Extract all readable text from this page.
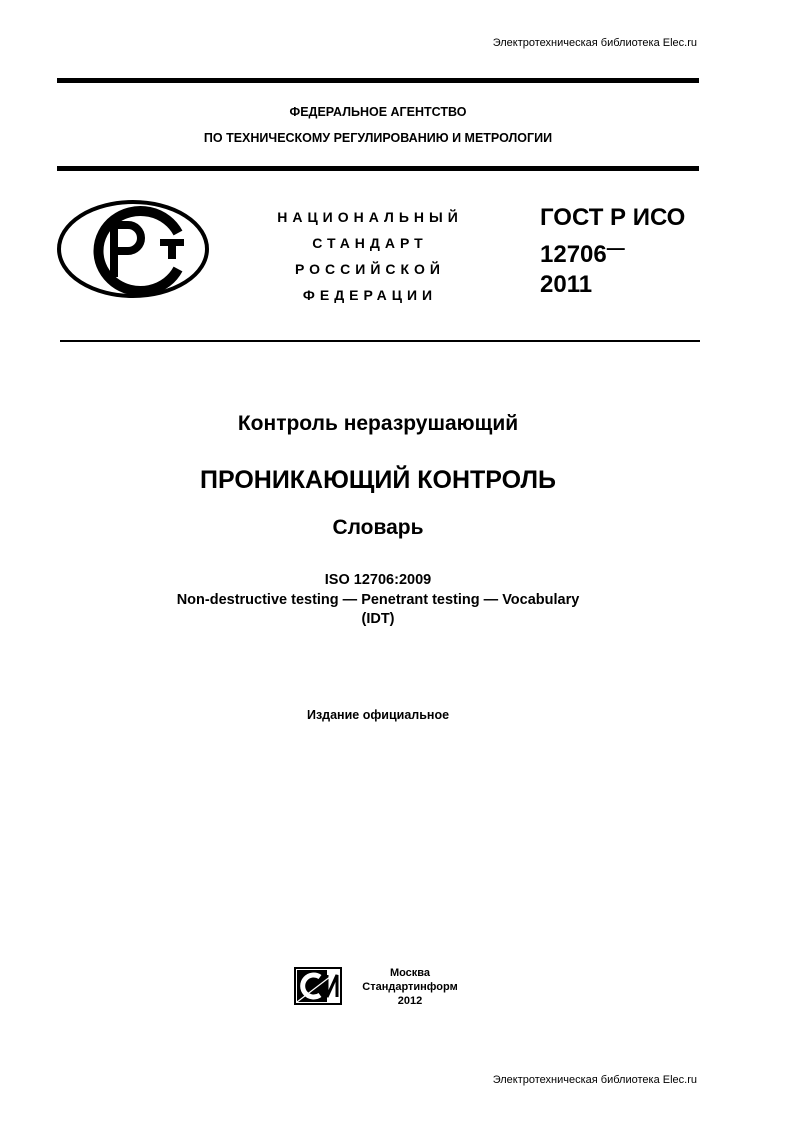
Электротехническая библиотека Elec.ru
ФЕДЕРАЛЬНОЕ АГЕНТСТВО
ПО ТЕХНИЧЕСКОМУ РЕГУЛИРОВАНИЮ И МЕТРОЛОГИИ
НАЦИОНАЛЬНЫЙ
СТАНДАРТ
РОССИЙСКОЙ
ФЕДЕРАЦИИ
ГОСТ Р ИСО
12706—
2011
Контроль неразрушающий
ПРОНИКАЮЩИЙ КОНТРОЛЬ
Словарь
ISO 12706:2009
Non-destructive testing — Penetrant testing — Vocabulary
(IDT)
Издание официальное
Москва
Стандартинформ
2012
Электротехническая библиотека Elec.ru
